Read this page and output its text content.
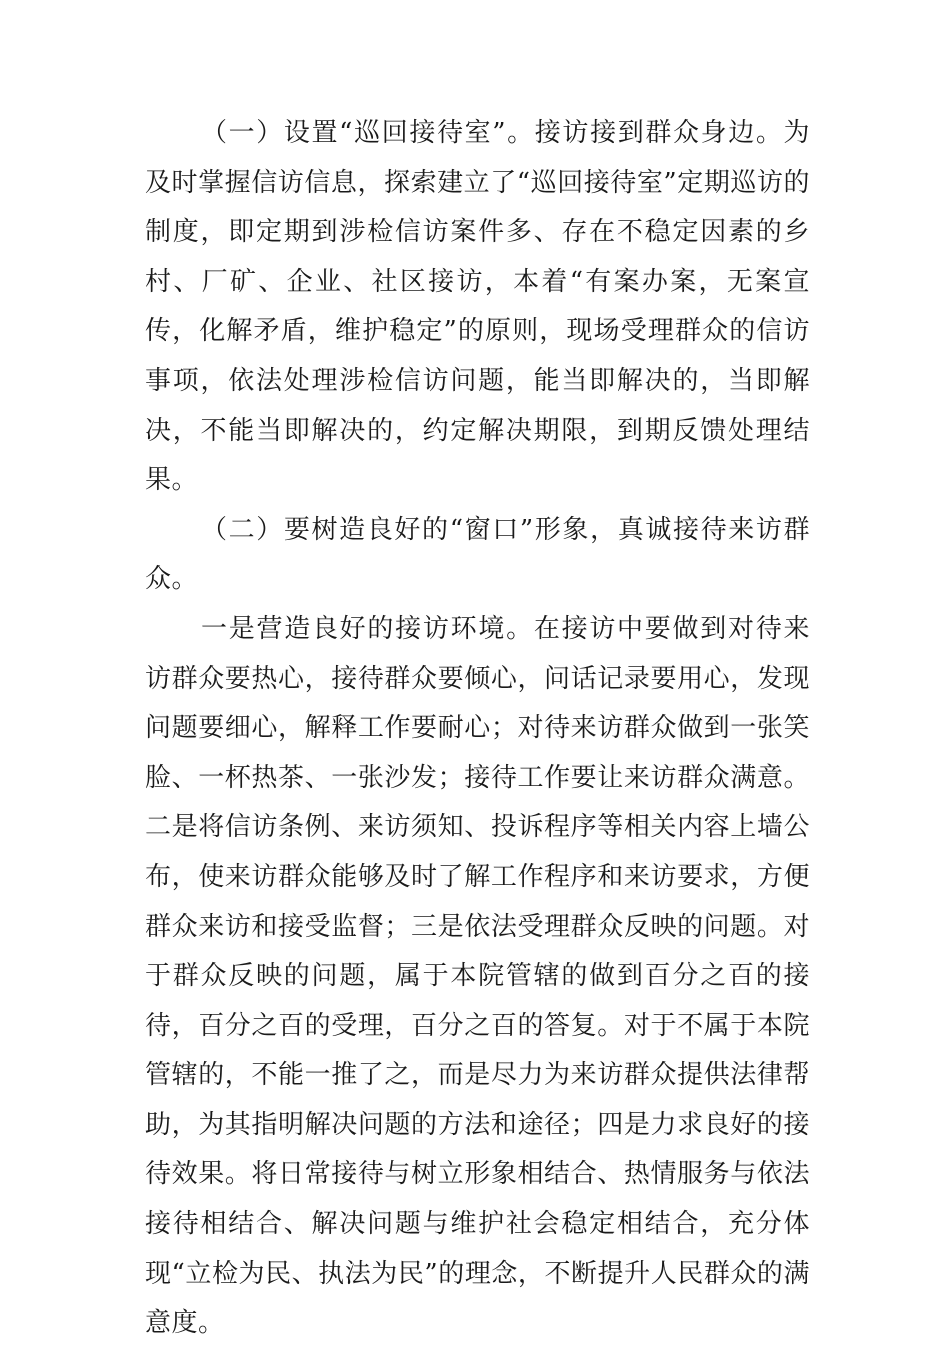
（一）设置“巡回接待室”。接访接到群众身边。为及时掌握信访信息，探索建立了“巡回接待室”定期巡访的制度，即定期到涉检信访案件多、存在不稳定因素的乡村、厂矿、企业、社区接访，本着“有案办案，无案宣传，化解矛盾，维护稳定”的原则，现场受理群众的信访事项，依法处理涉检信访问题，能当即解决的，当即解决，不能当即解决的，约定解决期限，到期反馈处理结果。

（二）要树造良好的“窗口”形象，真诚接待来访群众。

一是营造良好的接访环境。在接访中要做到对待来访群众要热心，接待群众要倾心，问话记录要用心，发现问题要细心，解释工作要耐心；对待来访群众做到一张笑脸、一杯热茶、一张沙发；接待工作要让来访群众满意。二是将信访条例、来访须知、投诉程序等相关内容上墙公布，使来访群众能够及时了解工作程序和来访要求，方便群众来访和接受监督；三是依法受理群众反映的问题。对于群众反映的问题，属于本院管辖的做到百分之百的接待，百分之百的受理，百分之百的答复。对于不属于本院管辖的，不能一推了之，而是尽力为来访群众提供法律帮助，为其指明解决问题的方法和途径；四是力求良好的接待效果。将日常接待与树立形象相结合、热情服务与依法接待相结合、解决问题与维护社会稳定相结合，充分体现“立检为民、执法为民”的理念，不断提升人民群众的满意度。
